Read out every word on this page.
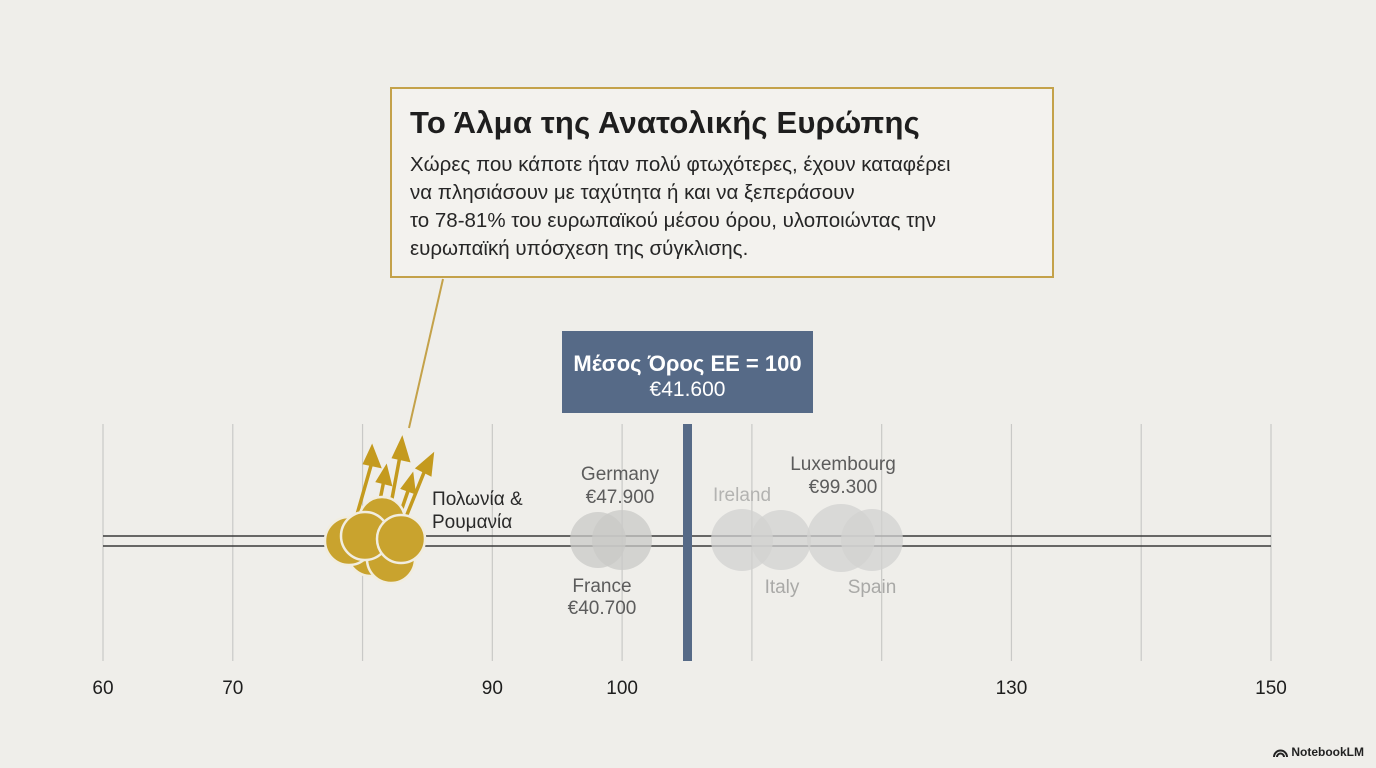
60	70	90	100	130	150
Πολωνία &
Ρουμανία
Germany
€47.900
France
€40.700
Ireland
Italy
Luxembourg
€99.300
Spain
Το Άλμα της Ανατολικής Ευρώπης

Χώρες που κάποτε ήταν πολύ φτωχότερες, έχουν καταφέρει
να πλησιάσουν με ταχύτητα ή και να ξεπεράσουν
το 78-81% του ευρωπαϊκού μέσου όρου, υλοποιώντας την
ευρωπαϊκή υπόσχεση της σύγκλισης.

Μέσος Όρος ΕΕ = 100
€41.600
NotebookLM
